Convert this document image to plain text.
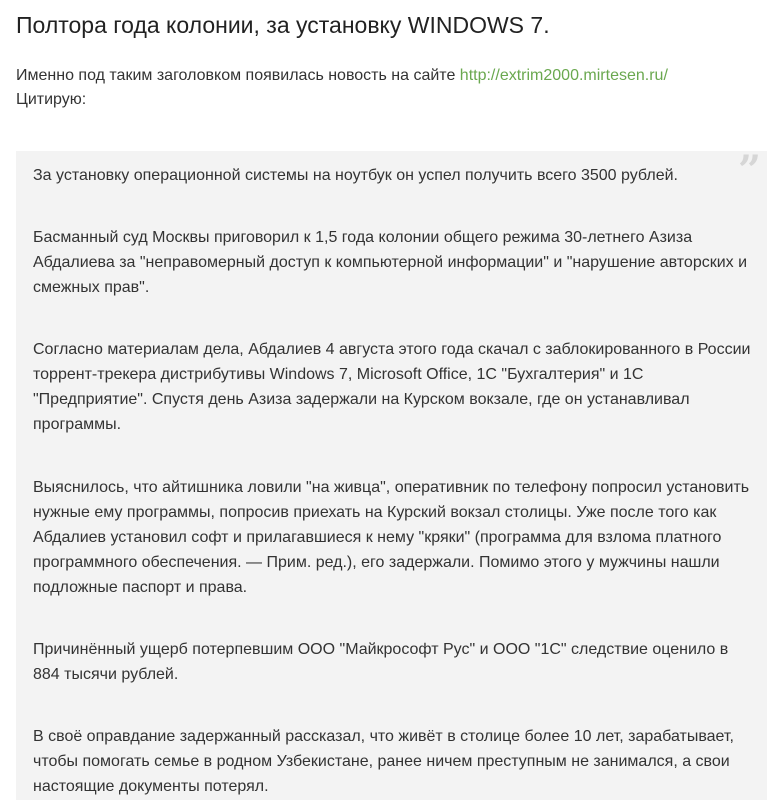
Полтора года колонии, за установку WINDOWS 7.
Именно под таким заголовком появилась новость на сайте http://extrim2000.mirtesen.ru/
Цитирую:
”

За установку операционной системы на ноутбук он успел получить всего 3500 рублей.

Басманный суд Москвы приговорил к 1,5 года колонии общего режима 30-летнего Азиза Абдалиева за "неправомерный доступ к компьютерной информации" и "нарушение авторских и смежных прав".

Согласно материалам дела, Абдалиев 4 августа этого года скачал с заблокированного в России торрент-трекера дистрибутивы Windows 7, Microsoft Office, 1С "Бухгалтерия" и 1С "Предприятие". Спустя день Азиза задержали на Курском вокзале, где он устанавливал программы.

Выяснилось, что айтишника ловили "на живца", оперативник по телефону попросил установить нужные ему программы, попросив приехать на Курский вокзал столицы. Уже после того как Абдалиев установил софт и прилагавшиеся к нему "кряки" (программа для взлома платного программного обеспечения. — Прим. ред.), его задержали. Помимо этого у мужчины нашли подложные паспорт и права.

Причинённый ущерб потерпевшим ООО "Майкрософт Рус" и ООО "1С" следствие оценило в 884 тысячи рублей.

В своё оправдание задержанный рассказал, что живёт в столице более 10 лет, зарабатывает, чтобы помогать семье в родном Узбекистане, ранее ничем преступным не занимался, а свои настоящие документы потерял.
